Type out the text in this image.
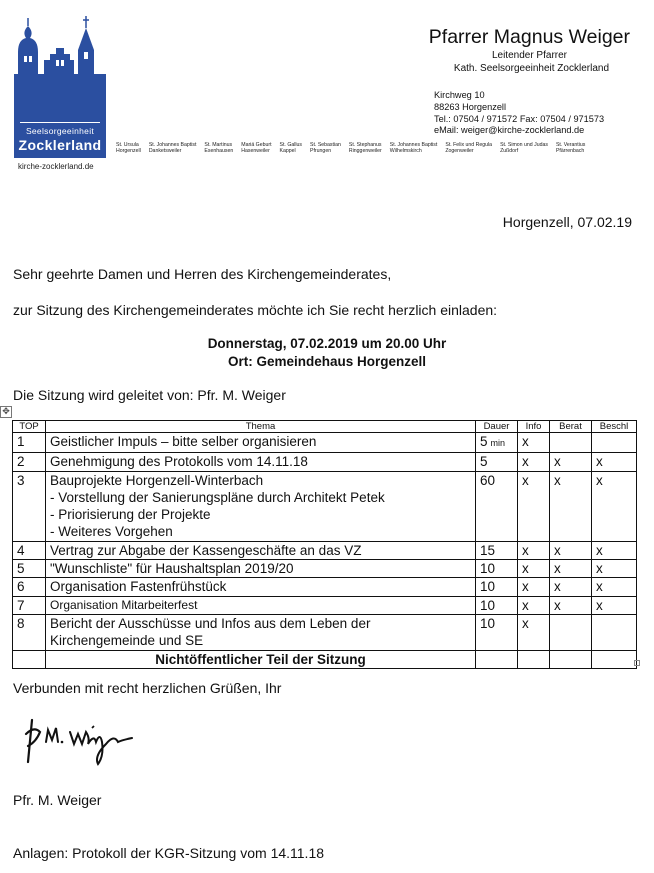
Seelsorgeeinheit
Zocklerland
kirche-zocklerland.de
Pfarrer Magnus Weiger
Leitender Pfarrer
Kath. Seelsorgeeinheit Zocklerland
Kirchweg 10
88263 Horgenzell
Tel.: 07504 / 971572 Fax: 07504 / 971573
eMail: weiger@kirche-zocklerland.de
St. Ursula
Horgenzell
St. Johannes Baptist
Danketsweiler
St. Martinus
Esenhausen
Mariä Geburt
Hasenweiler
St. Gallus
Kappel
St. Sebastian
Pfrungen
St. Stephanus
Ringgenweiler
St. Johannes Baptist
Wilhelmskirch
St. Felix und Regula
Zogenweiler
St. Simon und Judas
Zußdorf
St. Verantius
Pfärrenbach
Horgenzell, 07.02.19
Sehr geehrte Damen und Herren des Kirchengemeinderates,
zur Sitzung des Kirchengemeinderates möchte ich Sie recht herzlich einladen:
Donnerstag, 07.02.2019 um 20.00 Uhr
Ort: Gemeindehaus Horgenzell
Die Sitzung wird geleitet von: Pfr. M. Weiger
✥
TOP	Thema	Dauer	Info	Berat	Beschl
1	Geistlicher Impuls – bitte selber organisieren	5 min	x		
2	Genehmigung des Protokolls vom 14.11.18	5	x	x	x
3	Bauprojekte Horgenzell-Winterbach
- Vorstellung der Sanierungspläne durch Architekt Petek
- Priorisierung der Projekte
- Weiteres Vorgehen	60	x	x	x
4	Vertrag zur Abgabe der Kassengeschäfte an das VZ	15	x	x	x
5	"Wunschliste" für Haushaltsplan 2019/20	10	x	x	x
6	Organisation Fastenfrühstück	10	x	x	x
7	Organisation Mitarbeiterfest	10	x	x	x
8	Bericht der Ausschüsse und Infos aus dem Leben der
Kirchengemeinde und SE	10	x		
	Nichtöffentlicher Teil der Sitzung				
Verbunden mit recht herzlichen Grüßen, Ihr
Pfr. M. Weiger
Anlagen: Protokoll der KGR-Sitzung vom 14.11.18
